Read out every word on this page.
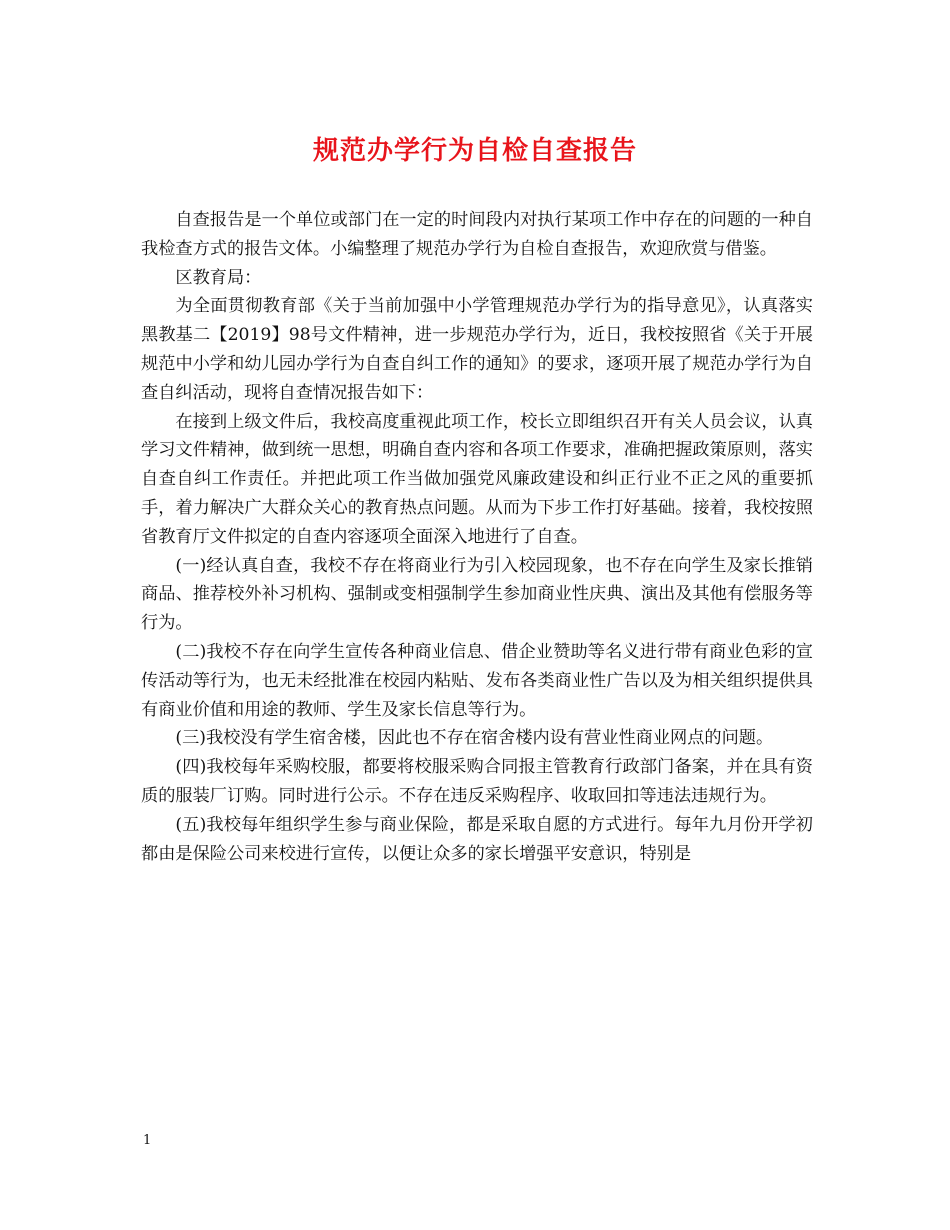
规范办学行为自检自查报告

自查报告是一个单位或部门在一定的时间段内对执行某项工作中存在的问题的一种自我检查方式的报告文体。小编整理了规范办学行为自检自查报告，欢迎欣赏与借鉴。

区教育局：

为全面贯彻教育部《关于当前加强中小学管理规范办学行为的指导意见》，认真落实黑教基二【2019】98号文件精神，进一步规范办学行为，近日，我校按照省《关于开展规范中小学和幼儿园办学行为自查自纠工作的通知》的要求，逐项开展了规范办学行为自查自纠活动，现将自查情况报告如下：

在接到上级文件后，我校高度重视此项工作，校长立即组织召开有关人员会议，认真学习文件精神，做到统一思想，明确自查内容和各项工作要求，准确把握政策原则，落实自查自纠工作责任。并把此项工作当做加强党风廉政建设和纠正行业不正之风的重要抓手，着力解决广大群众关心的教育热点问题。从而为下步工作打好基础。接着，我校按照省教育厅文件拟定的自查内容逐项全面深入地进行了自查。

(一)经认真自查，我校不存在将商业行为引入校园现象，也不存在向学生及家长推销商品、推荐校外补习机构、强制或变相强制学生参加商业性庆典、演出及其他有偿服务等行为。

(二)我校不存在向学生宣传各种商业信息、借企业赞助等名义进行带有商业色彩的宣传活动等行为，也无未经批准在校园内粘贴、发布各类商业性广告以及为相关组织提供具有商业价值和用途的教师、学生及家长信息等行为。

(三)我校没有学生宿舍楼，因此也不存在宿舍楼内设有营业性商业网点的问题。

(四)我校每年采购校服，都要将校服采购合同报主管教育行政部门备案，并在具有资质的服装厂订购。同时进行公示。不存在违反采购程序、收取回扣等违法违规行为。

(五)我校每年组织学生参与商业保险，都是采取自愿的方式进行。每年九月份开学初都由是保险公司来校进行宣传，以便让众多的家长增强平安意识，特别是

1
